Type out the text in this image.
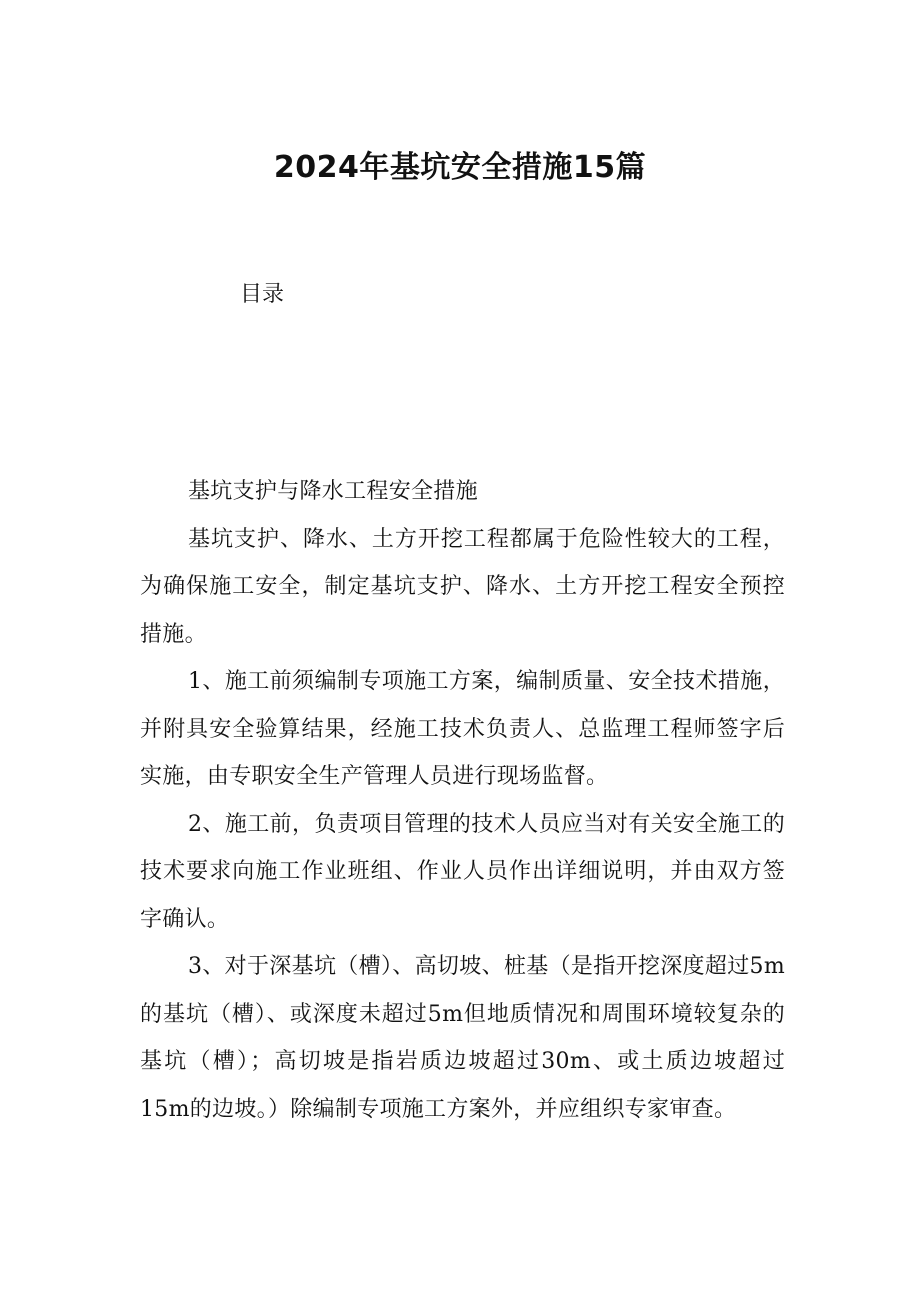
2024年基坑安全措施15篇
目录

基坑支护与降水工程安全措施

基坑支护、降水、土方开挖工程都属于危险性较大的工程，为确保施工安全，制定基坑支护、降水、土方开挖工程安全预控措施。

1、施工前须编制专项施工方案，编制质量、安全技术措施，并附具安全验算结果，经施工技术负责人、总监理工程师签字后实施，由专职安全生产管理人员进行现场监督。

2、施工前，负责项目管理的技术人员应当对有关安全施工的技术要求向施工作业班组、作业人员作出详细说明，并由双方签字确认。

3、对于深基坑（槽）、高切坡、桩基（是指开挖深度超过5m的基坑（槽）、或深度未超过5m但地质情况和周围环境较复杂的基坑（槽）；高切坡是指岩质边坡超过30m、或土质边坡超过15m的边坡。）除编制专项施工方案外，并应组织专家审查。
